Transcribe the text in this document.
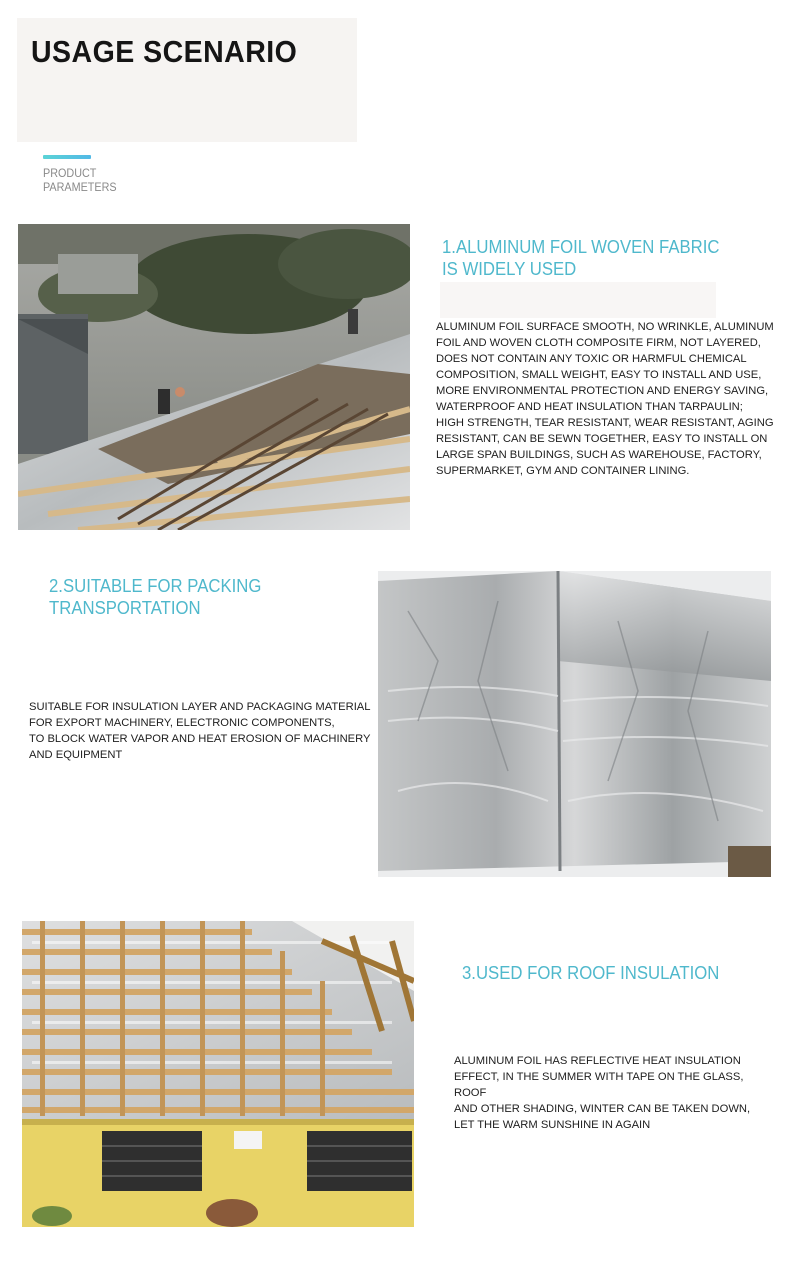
USAGE SCENARIO
PRODUCT
PARAMETERS
1.ALUMINUM FOIL WOVEN FABRIC
IS WIDELY USED
ALUMINUM FOIL SURFACE SMOOTH, NO WRINKLE, ALUMINUM
FOIL AND WOVEN CLOTH COMPOSITE FIRM, NOT LAYERED,
DOES NOT CONTAIN ANY TOXIC OR HARMFUL CHEMICAL
COMPOSITION, SMALL WEIGHT, EASY TO INSTALL AND USE,
MORE ENVIRONMENTAL PROTECTION AND ENERGY SAVING,
WATERPROOF AND HEAT INSULATION THAN TARPAULIN;
HIGH STRENGTH, TEAR RESISTANT, WEAR RESISTANT, AGING
RESISTANT, CAN BE SEWN TOGETHER, EASY TO INSTALL ON
LARGE SPAN BUILDINGS, SUCH AS WAREHOUSE, FACTORY,
SUPERMARKET, GYM AND CONTAINER LINING.
2.SUITABLE FOR PACKING
TRANSPORTATION
SUITABLE FOR INSULATION LAYER AND PACKAGING MATERIAL
FOR EXPORT MACHINERY, ELECTRONIC COMPONENTS,
TO BLOCK WATER VAPOR AND HEAT EROSION OF MACHINERY
AND EQUIPMENT
3.USED FOR ROOF INSULATION
ALUMINUM FOIL HAS REFLECTIVE HEAT INSULATION
EFFECT, IN THE SUMMER WITH TAPE ON THE GLASS, ROOF
AND OTHER SHADING, WINTER CAN BE TAKEN DOWN,
LET THE WARM SUNSHINE IN AGAIN
